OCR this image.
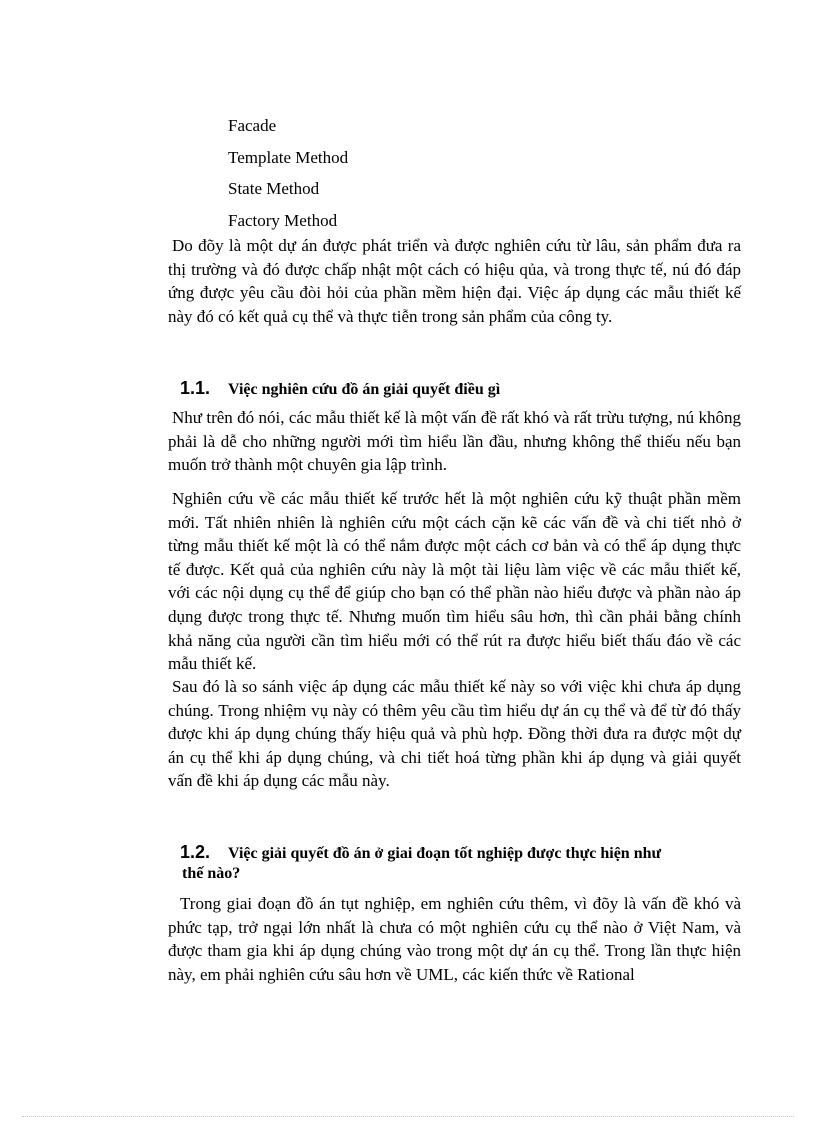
Facade
Template Method
State Method
Factory Method

Do đõy là một dự án được phát triển và được nghiên cứu từ lâu, sản phẩm đưa ra thị trường và đó được chấp nhật một cách có hiệu qủa, và trong thực tế, nú đó đáp ứng được yêu cầu đòi hỏi của phần mềm hiện đại. Việc áp dụng các mẫu thiết kế này đó có kết quả cụ thể và thực tiễn trong sản phẩm của công ty.

1.1. Việc nghiên cứu đồ án giải quyết điều gì

Như trên đó nói, các mẫu thiết kế là một vấn đề rất khó và rất trừu tượng, nú không phải là dễ cho những người mới tìm hiểu lần đầu, nhưng không thể thiếu nếu bạn muốn trở thành một chuyên gia lập trình.

Nghiên cứu về các mẫu thiết kế trước hết là một nghiên cứu kỹ thuật phần mềm mới. Tất nhiên nhiên là nghiên cứu một cách cặn kẽ các vấn đề và chi tiết nhỏ ở từng mẫu thiết kế một là có thể nắm được một cách cơ bản và có thể áp dụng thực tế được. Kết quả của nghiên cứu này là một tài liệu làm việc về các mẫu thiết kế, với các nội dụng cụ thể để giúp cho bạn có thể phần nào hiểu được và phần nào áp dụng được trong thực tế. Nhưng muốn tìm hiểu sâu hơn, thì cần phải bằng chính khả năng của người cần tìm hiểu mới có thể rút ra được hiểu biết thấu đáo về các mẫu thiết kế.

Sau đó là so sánh việc áp dụng các mẫu thiết kế này so với việc khi chưa áp dụng chúng. Trong nhiệm vụ này có thêm yêu cầu tìm hiểu dự án cụ thể và để từ đó thấy được khi áp dụng chúng thấy hiệu quả và phù hợp. Đồng thời đưa ra được một dự án cụ thể khi áp dụng chúng, và chi tiết hoá từng phần khi áp dụng và giải quyết vấn đề khi áp dụng các mẫu này.

1.2. Việc giải quyết đồ án ở giai đoạn tốt nghiệp được thực hiện như
thế nào?

Trong giai đoạn đồ án tụt nghiệp, em nghiên cứu thêm, vì đõy là vấn đề khó và phức tạp, trở ngại lớn nhất là chưa có một nghiên cứu cụ thể nào ở Việt Nam, và được tham gia khi áp dụng chúng vào trong một dự án cụ thể. Trong lần thực hiện này, em phải nghiên cứu sâu hơn về UML, các kiến thức về Rational
